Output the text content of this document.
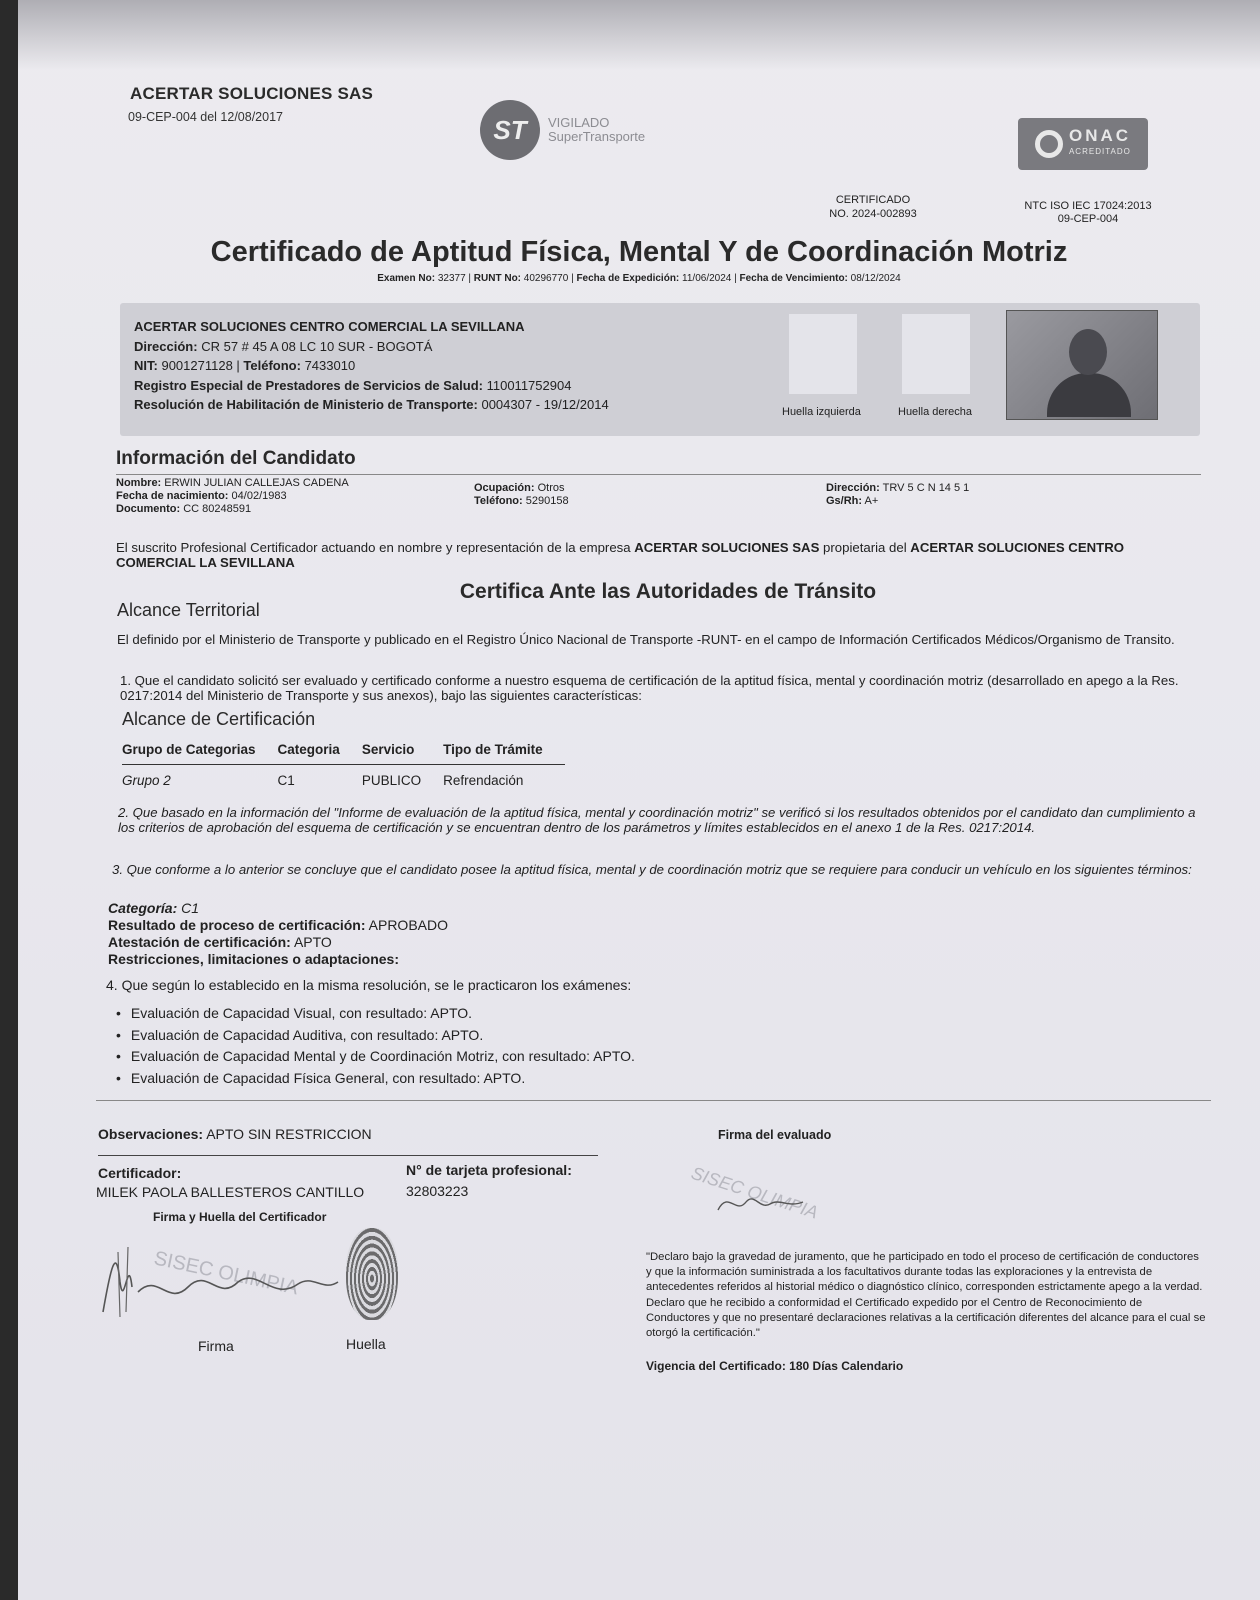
ACERTAR SOLUCIONES SAS
09-CEP-004 del 12/08/2017	ST	VIGILADO
SuperTransporte	ONAC
ACREDITADO
CERTIFICADO
NO. 2024-002893
NTC ISO IEC 17024:2013
09-CEP-004
Certificado de Aptitud Física, Mental Y de Coordinación Motriz
Examen No: 32377 | RUNT No: 40296770 | Fecha de Expedición: 11/06/2024 | Fecha de Vencimiento: 08/12/2024
ACERTAR SOLUCIONES CENTRO COMERCIAL LA SEVILLANA
Dirección: CR 57 # 45 A 08 LC 10 SUR - BOGOTÁ
NIT: 9001271128 | Teléfono: 7433010
Registro Especial de Prestadores de Servicios de Salud: 110011752904
Resolución de Habilitación de Ministerio de Transporte: 0004307 - 19/12/2014	Huella izquierda	Huella derecha
Información del Candidato
Nombre: ERWIN JULIAN CALLEJAS CADENA
Fecha de nacimiento: 04/02/1983
Documento: CC 80248591
Ocupación: Otros
Teléfono: 5290158
Dirección: TRV 5 C N 14 5 1
Gs/Rh: A+
El suscrito Profesional Certificador actuando en nombre y representación de la empresa ACERTAR SOLUCIONES SAS propietaria del ACERTAR SOLUCIONES CENTRO COMERCIAL LA SEVILLANA
Certifica Ante las Autoridades de Tránsito
Alcance Territorial
El definido por el Ministerio de Transporte y publicado en el Registro Único Nacional de Transporte -RUNT- en el campo de Información Certificados Médicos/Organismo de Transito.
1. Que el candidato solicitó ser evaluado y certificado conforme a nuestro esquema de certificación de la aptitud física, mental y coordinación motriz (desarrollado en apego a la Res. 0217:2014 del Ministerio de Transporte y sus anexos), bajo las siguientes características:
Alcance de Certificación
Grupo de Categorias	Categoria	Servicio	Tipo de Trámite
Grupo 2	C1	PUBLICO	Refrendación
2. Que basado en la información del "Informe de evaluación de la aptitud física, mental y coordinación motriz" se verificó si los resultados obtenidos por el candidato dan cumplimiento a los criterios de aprobación del esquema de certificación y se encuentran dentro de los parámetros y límites establecidos en el anexo 1 de la Res. 0217:2014.
3. Que conforme a lo anterior se concluye que el candidato posee la aptitud física, mental y de coordinación motriz que se requiere para conducir un vehículo en los siguientes términos:
Categoría: C1
Resultado de proceso de certificación: APROBADO
Atestación de certificación: APTO
Restricciones, limitaciones o adaptaciones:
4. Que según lo establecido en la misma resolución, se le practicaron los exámenes:
• Evaluación de Capacidad Visual, con resultado: APTO.
• Evaluación de Capacidad Auditiva, con resultado: APTO.
• Evaluación de Capacidad Mental y de Coordinación Motriz, con resultado: APTO.
• Evaluación de Capacidad Física General, con resultado: APTO.
Observaciones: APTO SIN RESTRICCION	Firma del evaluado
Certificador:	N° de tarjeta profesional:
MILEK PAOLA BALLESTEROS CANTILLO	32803223
Firma y Huella del Certificador
SISEC OLIMPIA
Firma	Huella
SISEC OLIMPIA
"Declaro bajo la gravedad de juramento, que he participado en todo el proceso de certificación de conductores y que la información suministrada a los facultativos durante todas las exploraciones y la entrevista de antecedentes referidos al historial médico o diagnóstico clínico, corresponden estrictamente apego a la verdad. Declaro que he recibido a conformidad el Certificado expedido por el Centro de Reconocimiento de Conductores y que no presentaré declaraciones relativas a la certificación diferentes del alcance para el cual se otorgó la certificación."
Vigencia del Certificado: 180 Días Calendario
